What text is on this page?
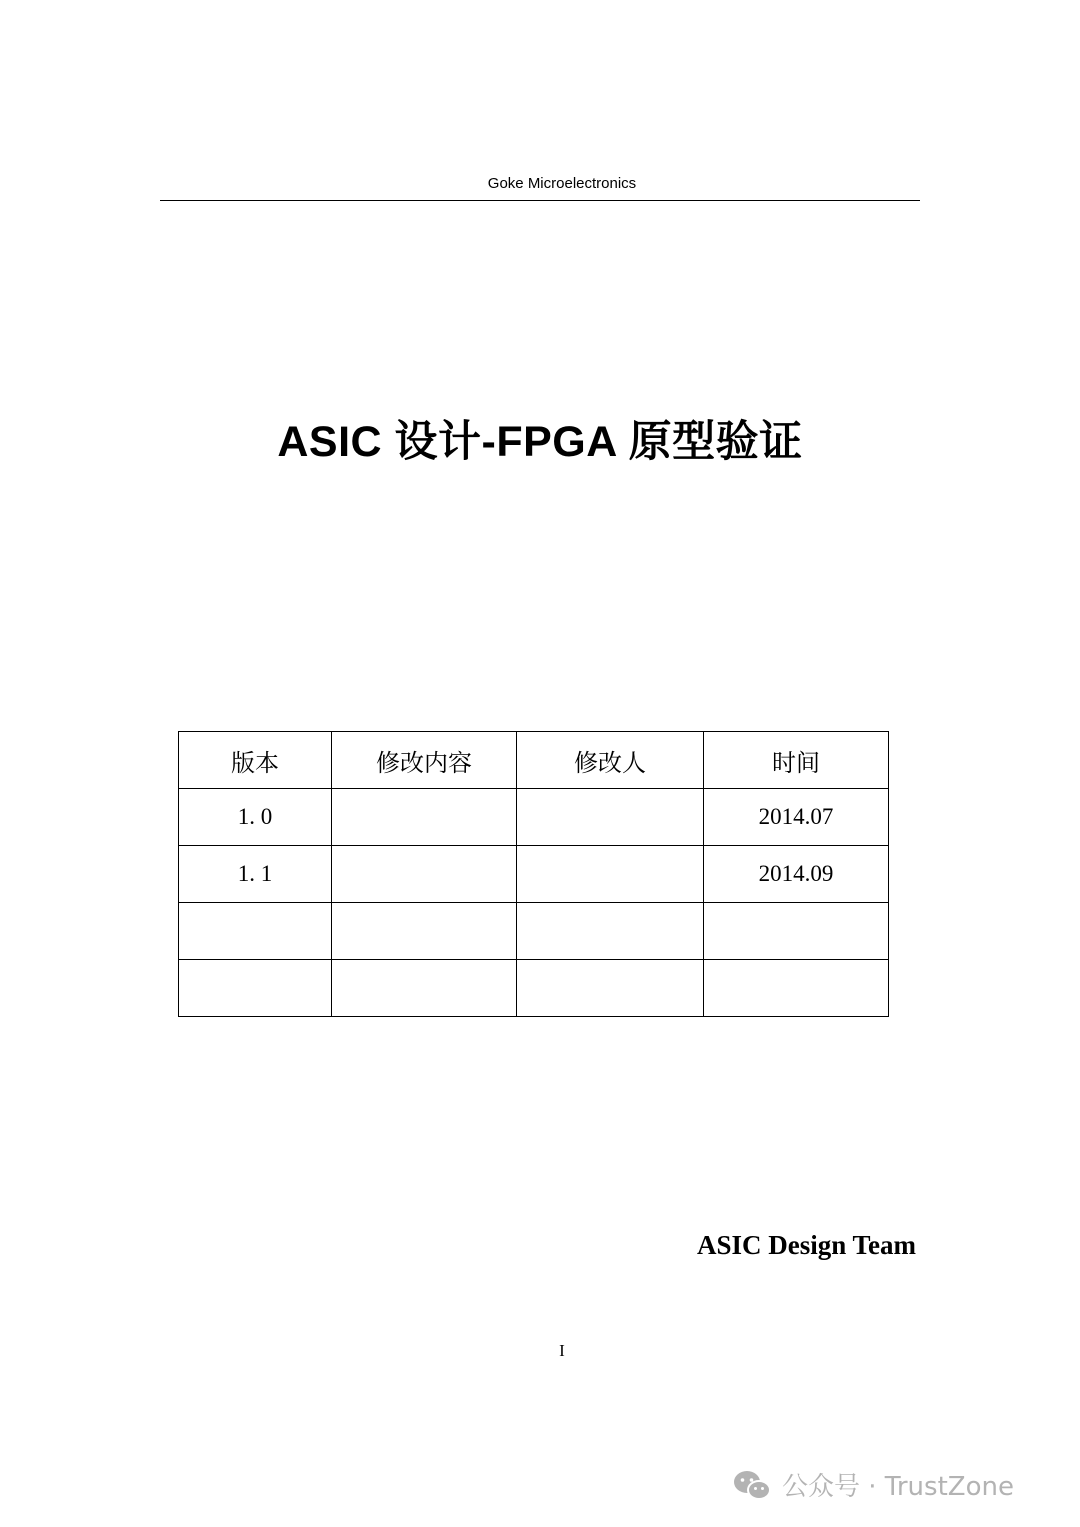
Goke Microelectronics
ASIC 设计-FPGA 原型验证
版本	修改内容	修改人	时间
1. 0			2014.07
1. 1			2014.09

ASIC Design Team
I
公众号 · TrustZone
